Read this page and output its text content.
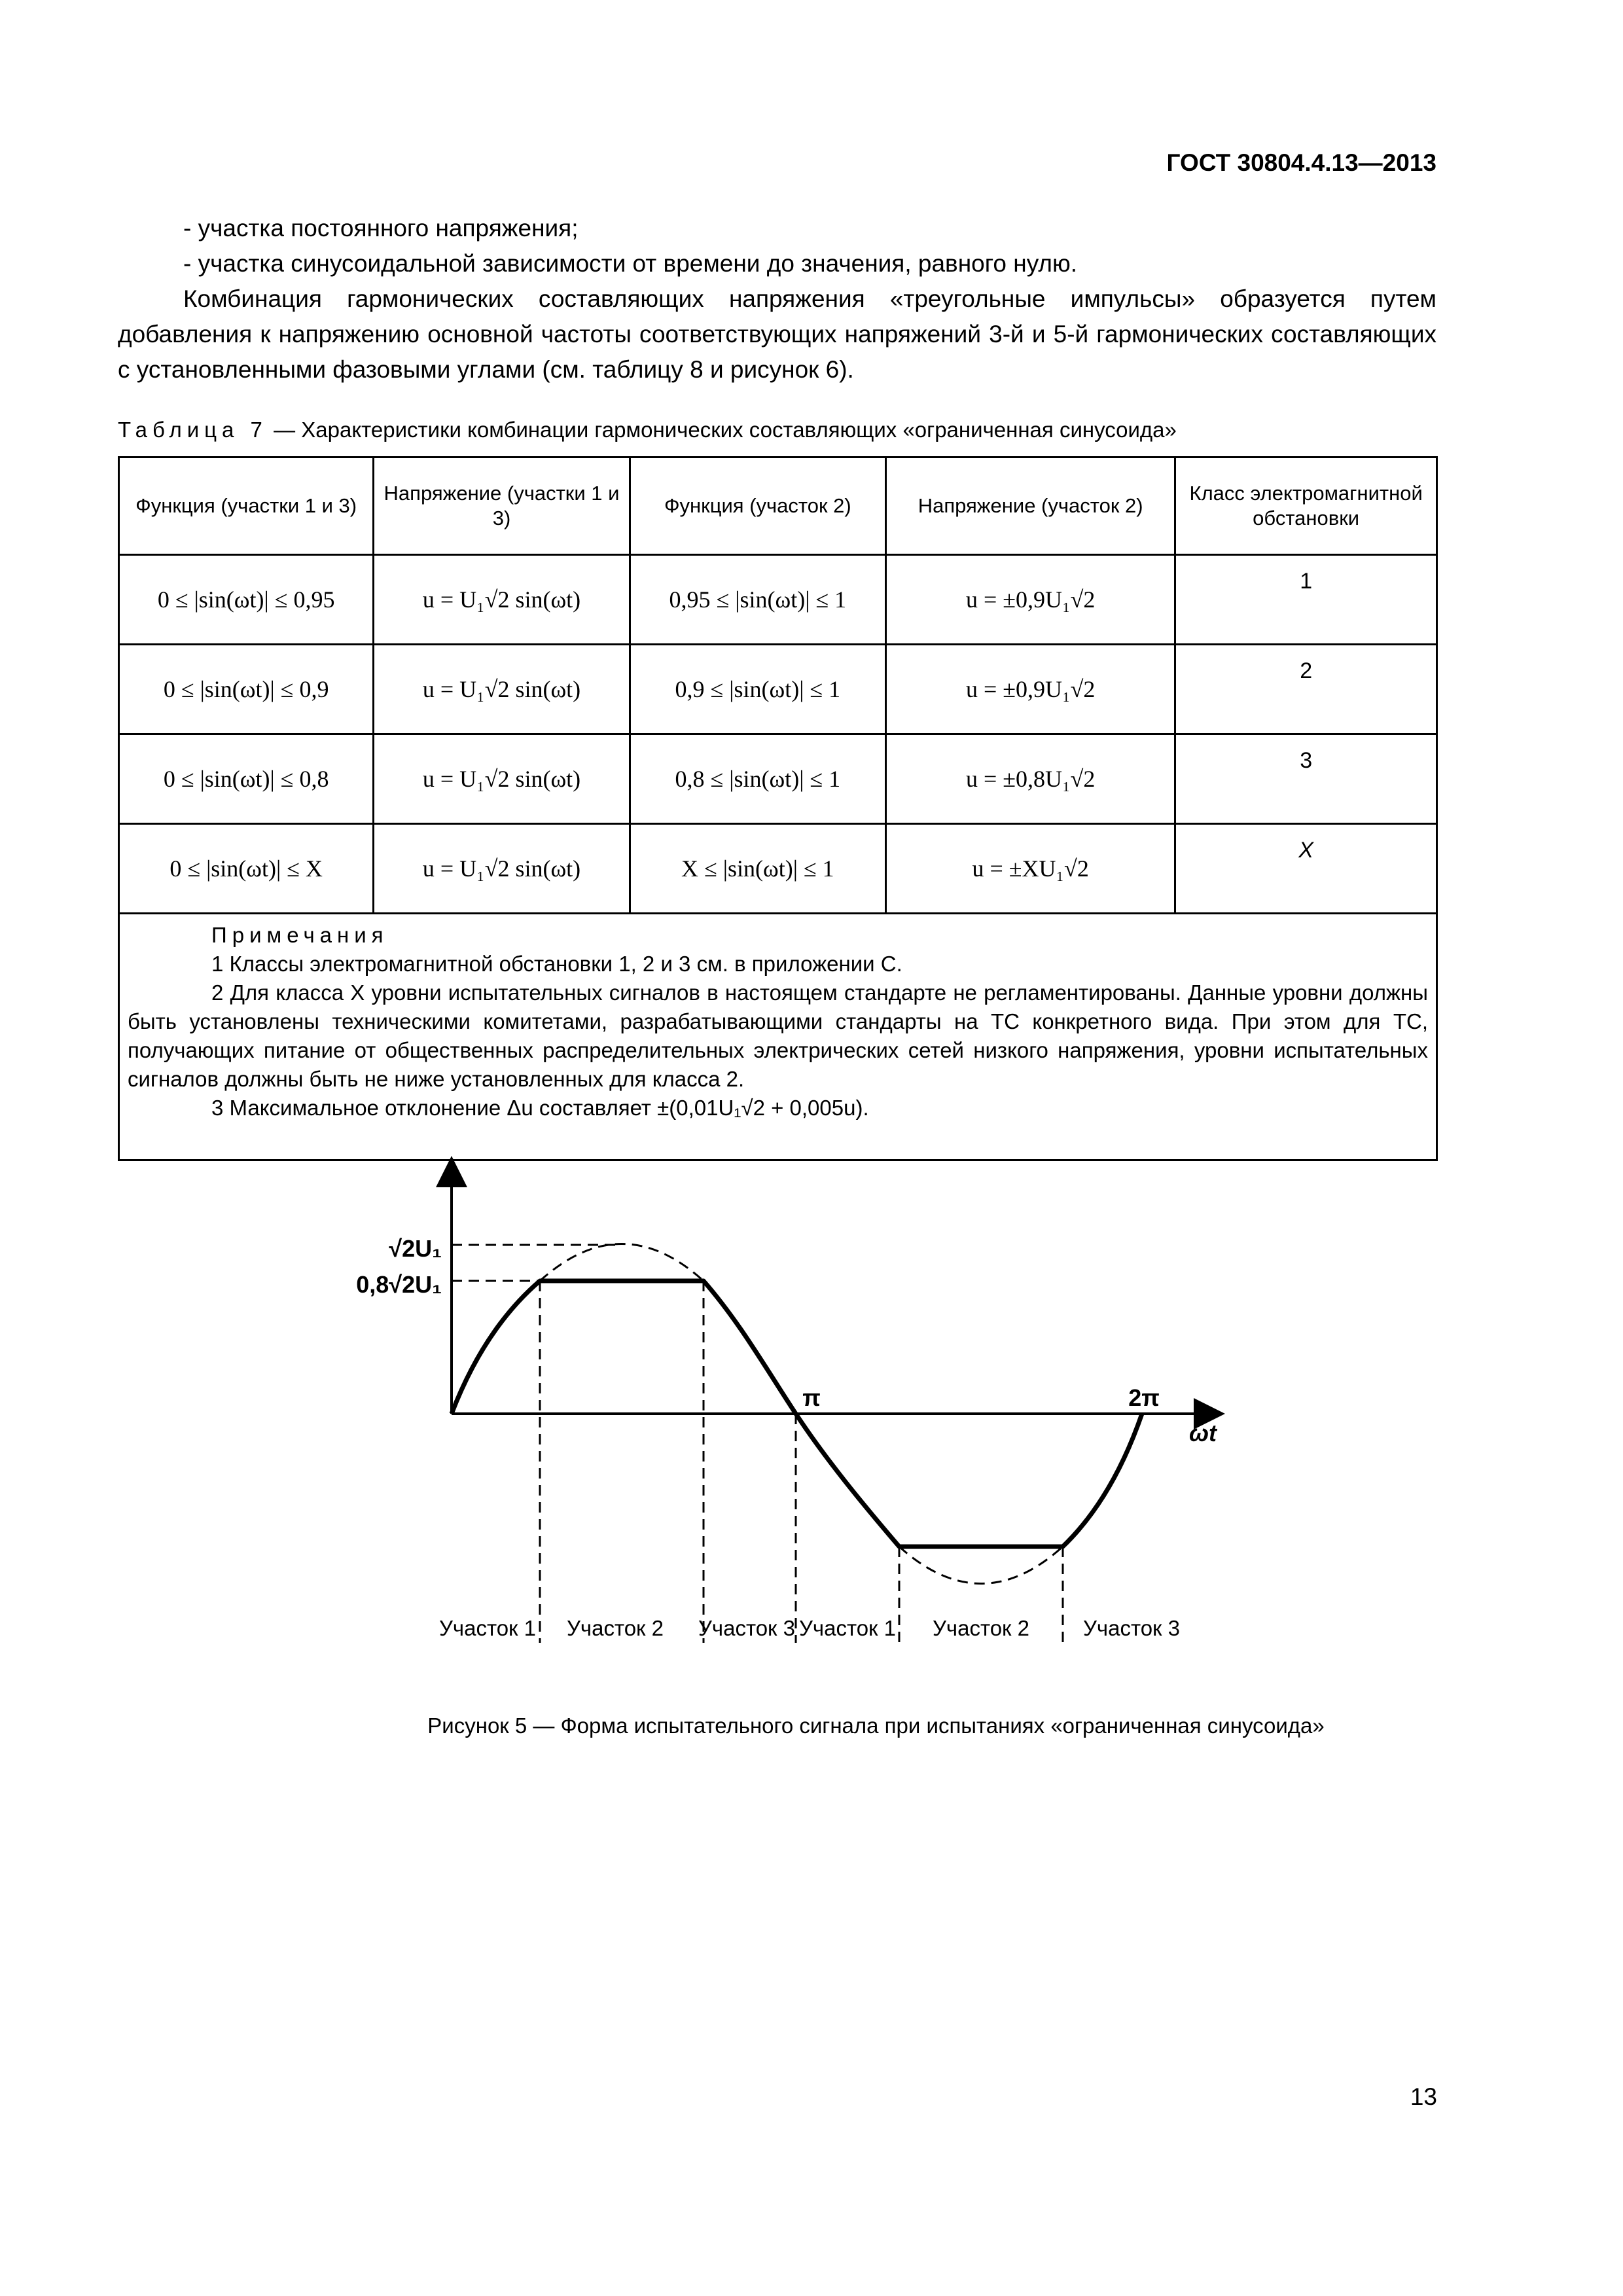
ГОСТ 30804.4.13—2013
- участка постоянного напряжения;
- участка синусоидальной зависимости от времени до значения, равного нулю.
Комбинация гармонических составляющих напряжения «треугольные импульсы» образуется путем добавления к напряжению основной частоты соответствующих напряжений 3-й и 5-й гармонических составляющих с установленными фазовыми углами (см. таблицу 8 и рисунок 6).
Таблица 7 — Характеристики комбинации гармонических составляющих «ограниченная синусоида»
Функция (участки 1 и 3)	Напряжение (участки 1 и 3)	Функция (участок 2)	Напряжение (участок 2)	Класс электромагнитной обстановки
0 ≤ |sin(ωt)| ≤ 0,95	u = U₁√2 sin(ωt)	0,95 ≤ |sin(ωt)| ≤ 1	u = ±0,9U₁√2	1
0 ≤ |sin(ωt)| ≤ 0,9	u = U₁√2 sin(ωt)	0,9 ≤ |sin(ωt)| ≤ 1	u = ±0,9U₁√2	2
0 ≤ |sin(ωt)| ≤ 0,8	u = U₁√2 sin(ωt)	0,8 ≤ |sin(ωt)| ≤ 1	u = ±0,8U₁√2	3
0 ≤ |sin(ωt)| ≤ X	u = U₁√2 sin(ωt)	X ≤ |sin(ωt)| ≤ 1	u = ±XU₁√2	X

Примечания
1 Классы электромагнитной обстановки 1, 2 и 3 см. в приложении С.
2 Для класса X уровни испытательных сигналов в настоящем стандарте не регламентированы. Данные уровни должны быть установлены техническими комитетами, разрабатывающими стандарты на ТС конкретного вида. При этом для ТС, получающих питание от общественных распределительных электрических сетей низкого напряжения, уровни испытательных сигналов должны быть не ниже установленных для класса 2.
3 Максимальное отклонение Δu составляет ±(0,01U₁√2 + 0,005u).				
√2U₁
0,8√2U₁
π	2π
ωt
Участок 1 Участок 2 Участок 3 Участок 1 Участок 2 Участок 3
Рисунок 5 — Форма испытательного сигнала при испытаниях «ограниченная синусоида»
13
